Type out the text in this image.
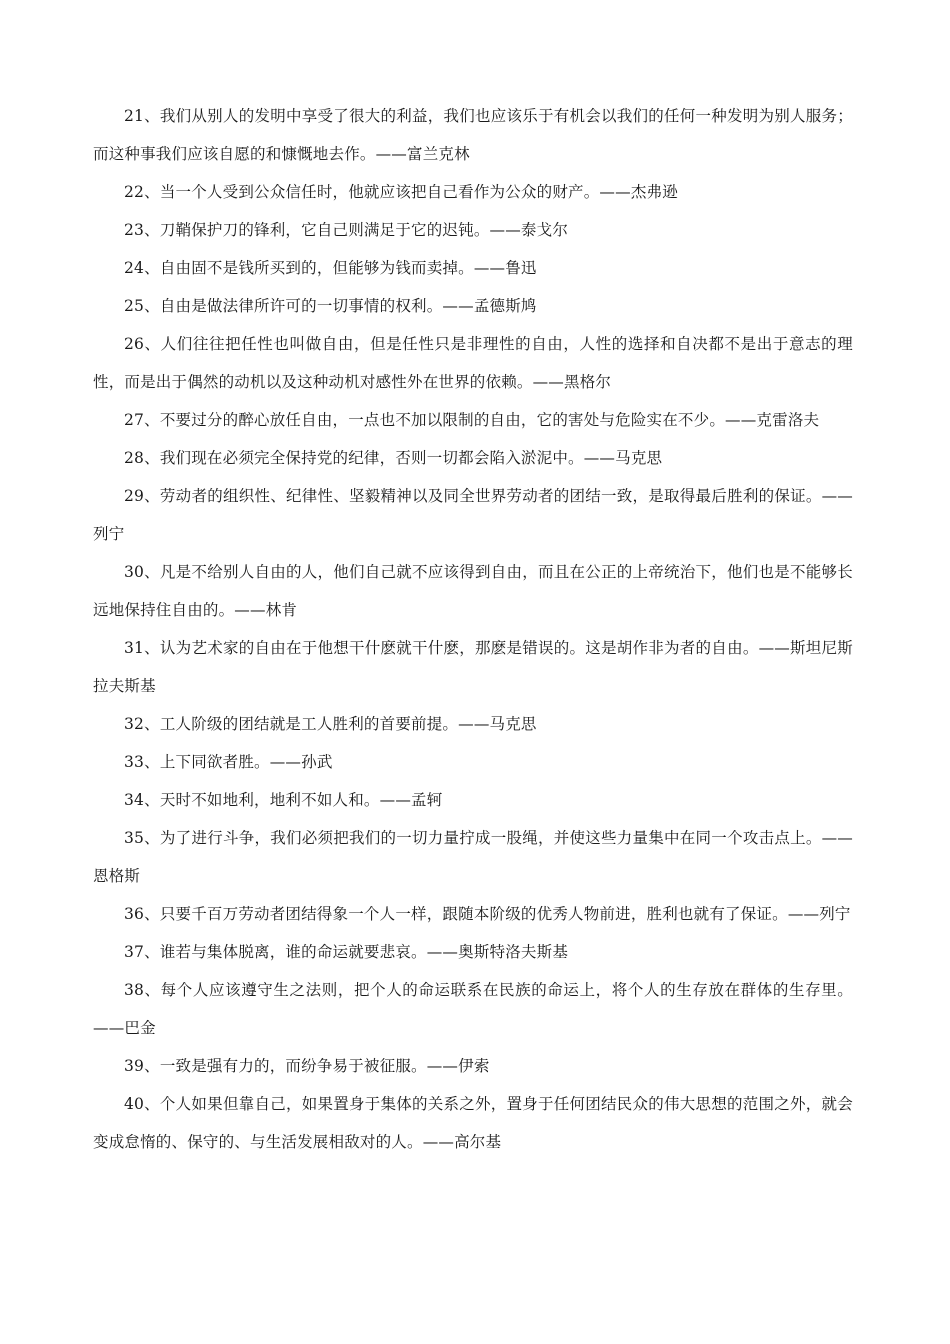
21、我们从别人的发明中享受了很大的利益，我们也应该乐于有机会以我们的任何一种发明为别人服务；而这种事我们应该自愿的和慷慨地去作。——富兰克林

22、当一个人受到公众信任时，他就应该把自己看作为公众的财产。——杰弗逊

23、刀鞘保护刀的锋利，它自己则满足于它的迟钝。——泰戈尔

24、自由固不是钱所买到的，但能够为钱而卖掉。——鲁迅

25、自由是做法律所许可的一切事情的权利。——孟德斯鸠

26、人们往往把任性也叫做自由，但是任性只是非理性的自由，人性的选择和自决都不是出于意志的理性，而是出于偶然的动机以及这种动机对感性外在世界的依赖。——黑格尔

27、不要过分的醉心放任自由，一点也不加以限制的自由，它的害处与危险实在不少。——克雷洛夫

28、我们现在必须完全保持党的纪律，否则一切都会陷入淤泥中。——马克思

29、劳动者的组织性、纪律性、坚毅精神以及同全世界劳动者的团结一致，是取得最后胜利的保证。——列宁

30、凡是不给别人自由的人，他们自己就不应该得到自由，而且在公正的上帝统治下，他们也是不能够长远地保持住自由的。——林肯

31、认为艺术家的自由在于他想干什麽就干什麽，那麽是错误的。这是胡作非为者的自由。——斯坦尼斯拉夫斯基

32、工人阶级的团结就是工人胜利的首要前提。——马克思

33、上下同欲者胜。——孙武

34、天时不如地利，地利不如人和。——孟轲

35、为了进行斗争，我们必须把我们的一切力量拧成一股绳，并使这些力量集中在同一个攻击点上。——恩格斯

36、只要千百万劳动者团结得象一个人一样，跟随本阶级的优秀人物前进，胜利也就有了保证。——列宁

37、谁若与集体脱离，谁的命运就要悲哀。——奥斯特洛夫斯基

38、每个人应该遵守生之法则，把个人的命运联系在民族的命运上，将个人的生存放在群体的生存里。——巴金

39、一致是强有力的，而纷争易于被征服。——伊索

40、个人如果但靠自己，如果置身于集体的关系之外，置身于任何团结民众的伟大思想的范围之外，就会变成怠惰的、保守的、与生活发展相敌对的人。——高尔基
